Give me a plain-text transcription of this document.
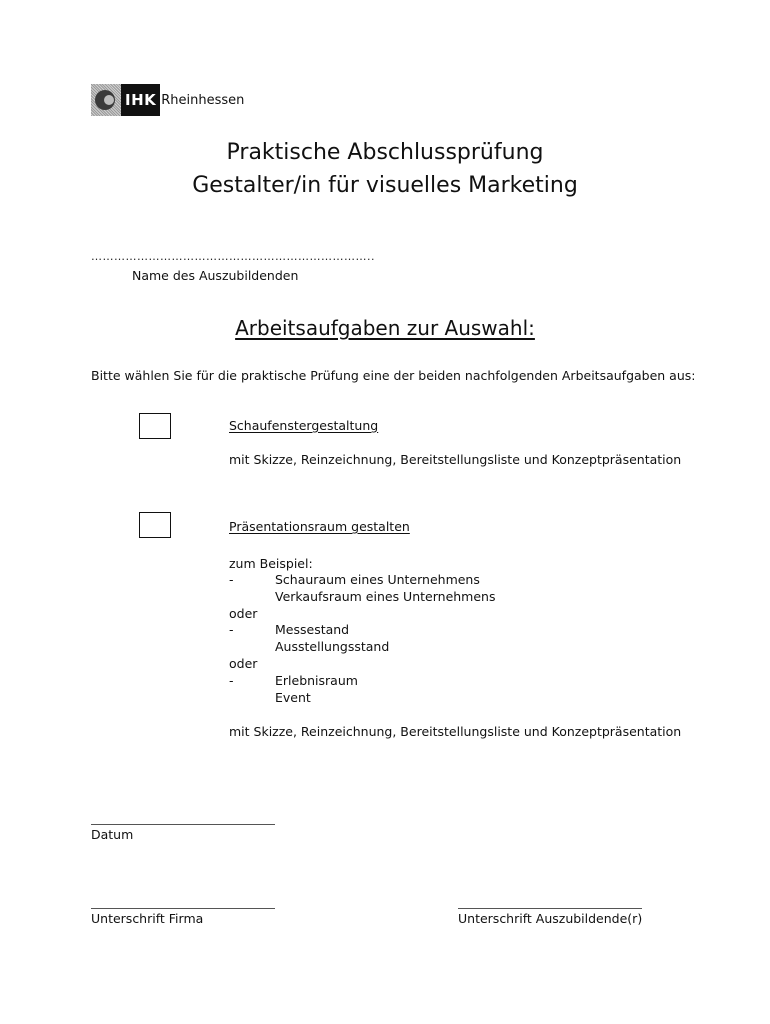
IHK Rheinhessen
Praktische Abschlussprüfung
Gestalter/in für visuelles Marketing
………………………………………………………………..
Name des Auszubildenden
Arbeitsaufgaben zur Auswahl:
Bitte wählen Sie für die praktische Prüfung eine der beiden nachfolgenden Arbeitsaufgaben aus:
Schaufenstergestaltung
mit Skizze, Reinzeichnung, Bereitstellungsliste und Konzeptpräsentation
Präsentationsraum gestalten
zum Beispiel:
-	Schauraum eines Unternehmens
Verkaufsraum eines Unternehmens
oder
-	Messestand
Ausstellungsstand
oder
-	Erlebnisraum
Event
mit Skizze, Reinzeichnung, Bereitstellungsliste und Konzeptpräsentation
Datum
Unterschrift Firma	Unterschrift Auszubildende(r)
